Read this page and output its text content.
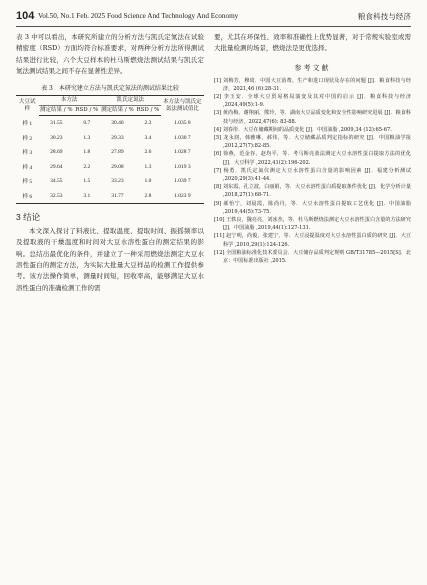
104 Vol.50, No.1 Feb. 2025 Food Science And Technology And Economy	粮食科技与经济

表 3 中可以看出，本研究所建立的分析方法与凯氏定氮法在试验精密度（RSD）方面均符合标准要求，对两种分析方法所得测试结果进行比较，六个大豆样本的杜马斯燃烧法测试结果与凯氏定氮法测试结果之间不存在显著性差异。

表 3　本研究建立方法与凯氏定氮法的测试结果比较
大豆试样	本方法		凯氏定氮法		本方法与凯氏定氮法测试值比
	测定结果 / %	RSD / %	测定结果 / %	RSD / %	
样 1	31.55	0.7	30.46	2.3	1.035 8
样 2	30.23	1.3	29.33	3.4	1.030 7
样 3	28.69	1.8	27.89	2.6	1.028 7
样 4	29.64	2.2	29.08	1.3	1.019 3
样 5	34.55	1.5	33.23	1.0	1.039 7
样 6	32.53	3.1	31.77	2.8	1.023 9
3 结论

本文深入探讨了料液比、提取温度、提取时间、振摇频率以及提取液的干燥温度和时间对大豆水溶性蛋白的测定结果的影响。总结出最优化的条件，并建立了一种采用燃烧法测定大豆水溶性蛋白的测定方法，为实际大批量大豆样品的检测工作提供参考。该方法操作简单，测量时间短，回收率高，能够满足大豆水溶性蛋白的准确检测工作的需

要，尤其在环保性、效率和准确性上优势显著，对于常规实验室或需大批量检测的场景，燃烧法是更优选择。

参考文献
[1] 刘梅芳，穆琦．中国大豆消费、生产和进口现状及存在的问题 [J]．粮食科技与经济，2021,46 (6):28-31.
[2] 李玉安．全球大豆贸易格局演变及其对中国的启示 [J]．粮食科技与经济 ,2024,49(5):1-9.
[3] 黄尚梅，谢翔丽，熊玲，等．湖南大豆品质变化和安全性影响研究进展 [J]．粮食科技与经济，2022,47(6): 83-88.
[4] 刘春彤．大豆在储藏期间的品质变化 [J]．中国油脂 ,2009,34 (12):65-67.
[5] 龙永润，韩雅琳，郝伟，等．大豆储藏品质判定指标的研究 [J]．中国粮油学报 ,2012,27(7):82-85.
[6] 徐燕，范金谷，赵均平，等．考马斯亮蓝法测定大豆水溶性蛋白提取方法的优化 [J]．大豆科学 ,2022,41(2):196-202.
[7] 杨勇．凯氏定氮仪测定大豆水溶性蛋白含量的影响因素 [J]．福建分析测试 ,2020,29(3):41-44.
[8] 刘东霞，孔立波，白丽娟，等．大豆水溶性蛋白质提取条件优化 [J]．化学分析计量 ,2018,27(1):68-71.
[9] 郝怡宁，刘晨霞，陈尚丹，等．大豆水溶性蛋白提取工艺优化 [J]．中国油脂 ,2019,44(5):73-75.
[10] 王轶良，魏亮亮，刘冰杰，等．杜马斯燃烧法测定大豆水溶性蛋白含量的方法研究 [J]．中国油脂 ,2019,44(1):127-131.
[11] 赵宁明，尚俊，张建宁，等．大豆浸提温度对大豆水溶性蛋白质的研究 [J]．大豆科学 ,2010,29(1):124-126.
[12] 全国粮油标准化技术委员会．大豆储存品质判定规则 GB/T31785—2015[S]．北京：中国标准出版社 ,2015.
